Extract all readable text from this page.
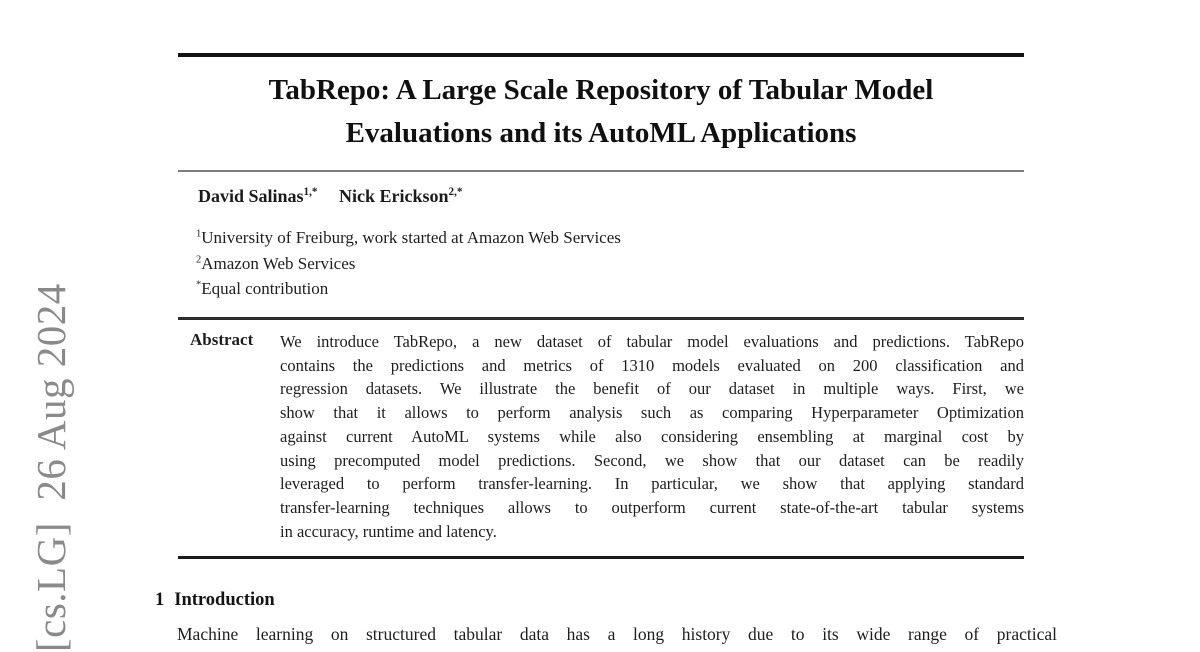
[cs.LG]  26 Aug 2024
TabRepo: A Large Scale Repository of Tabular Model
Evaluations and its AutoML Applications
David Salinas$^{1,*}$ Nick Erickson$^{2,*}$
$^1$University of Freiburg, work started at Amazon Web Services
$^2$Amazon Web Services
*Equal contribution
Abstract We introduce TabRepo, a new dataset of tabular model evaluations and predictions. TabRepo
contains the predictions and metrics of 1310 models evaluated on 200 classification and
regression datasets. We illustrate the benefit of our dataset in multiple ways. First, we
show that it allows to perform analysis such as comparing Hyperparameter Optimization
against current AutoML systems while also considering ensembling at marginal cost by
using precomputed model predictions. Second, we show that our dataset can be readily
leveraged to perform transfer-learning. In particular, we show that applying standard
transfer-learning techniques allows to outperform current state-of-the-art tabular systems
in accuracy, runtime and latency.
1 Introduction
Machine learning on structured tabular data has a long history due to its wide range of practical
